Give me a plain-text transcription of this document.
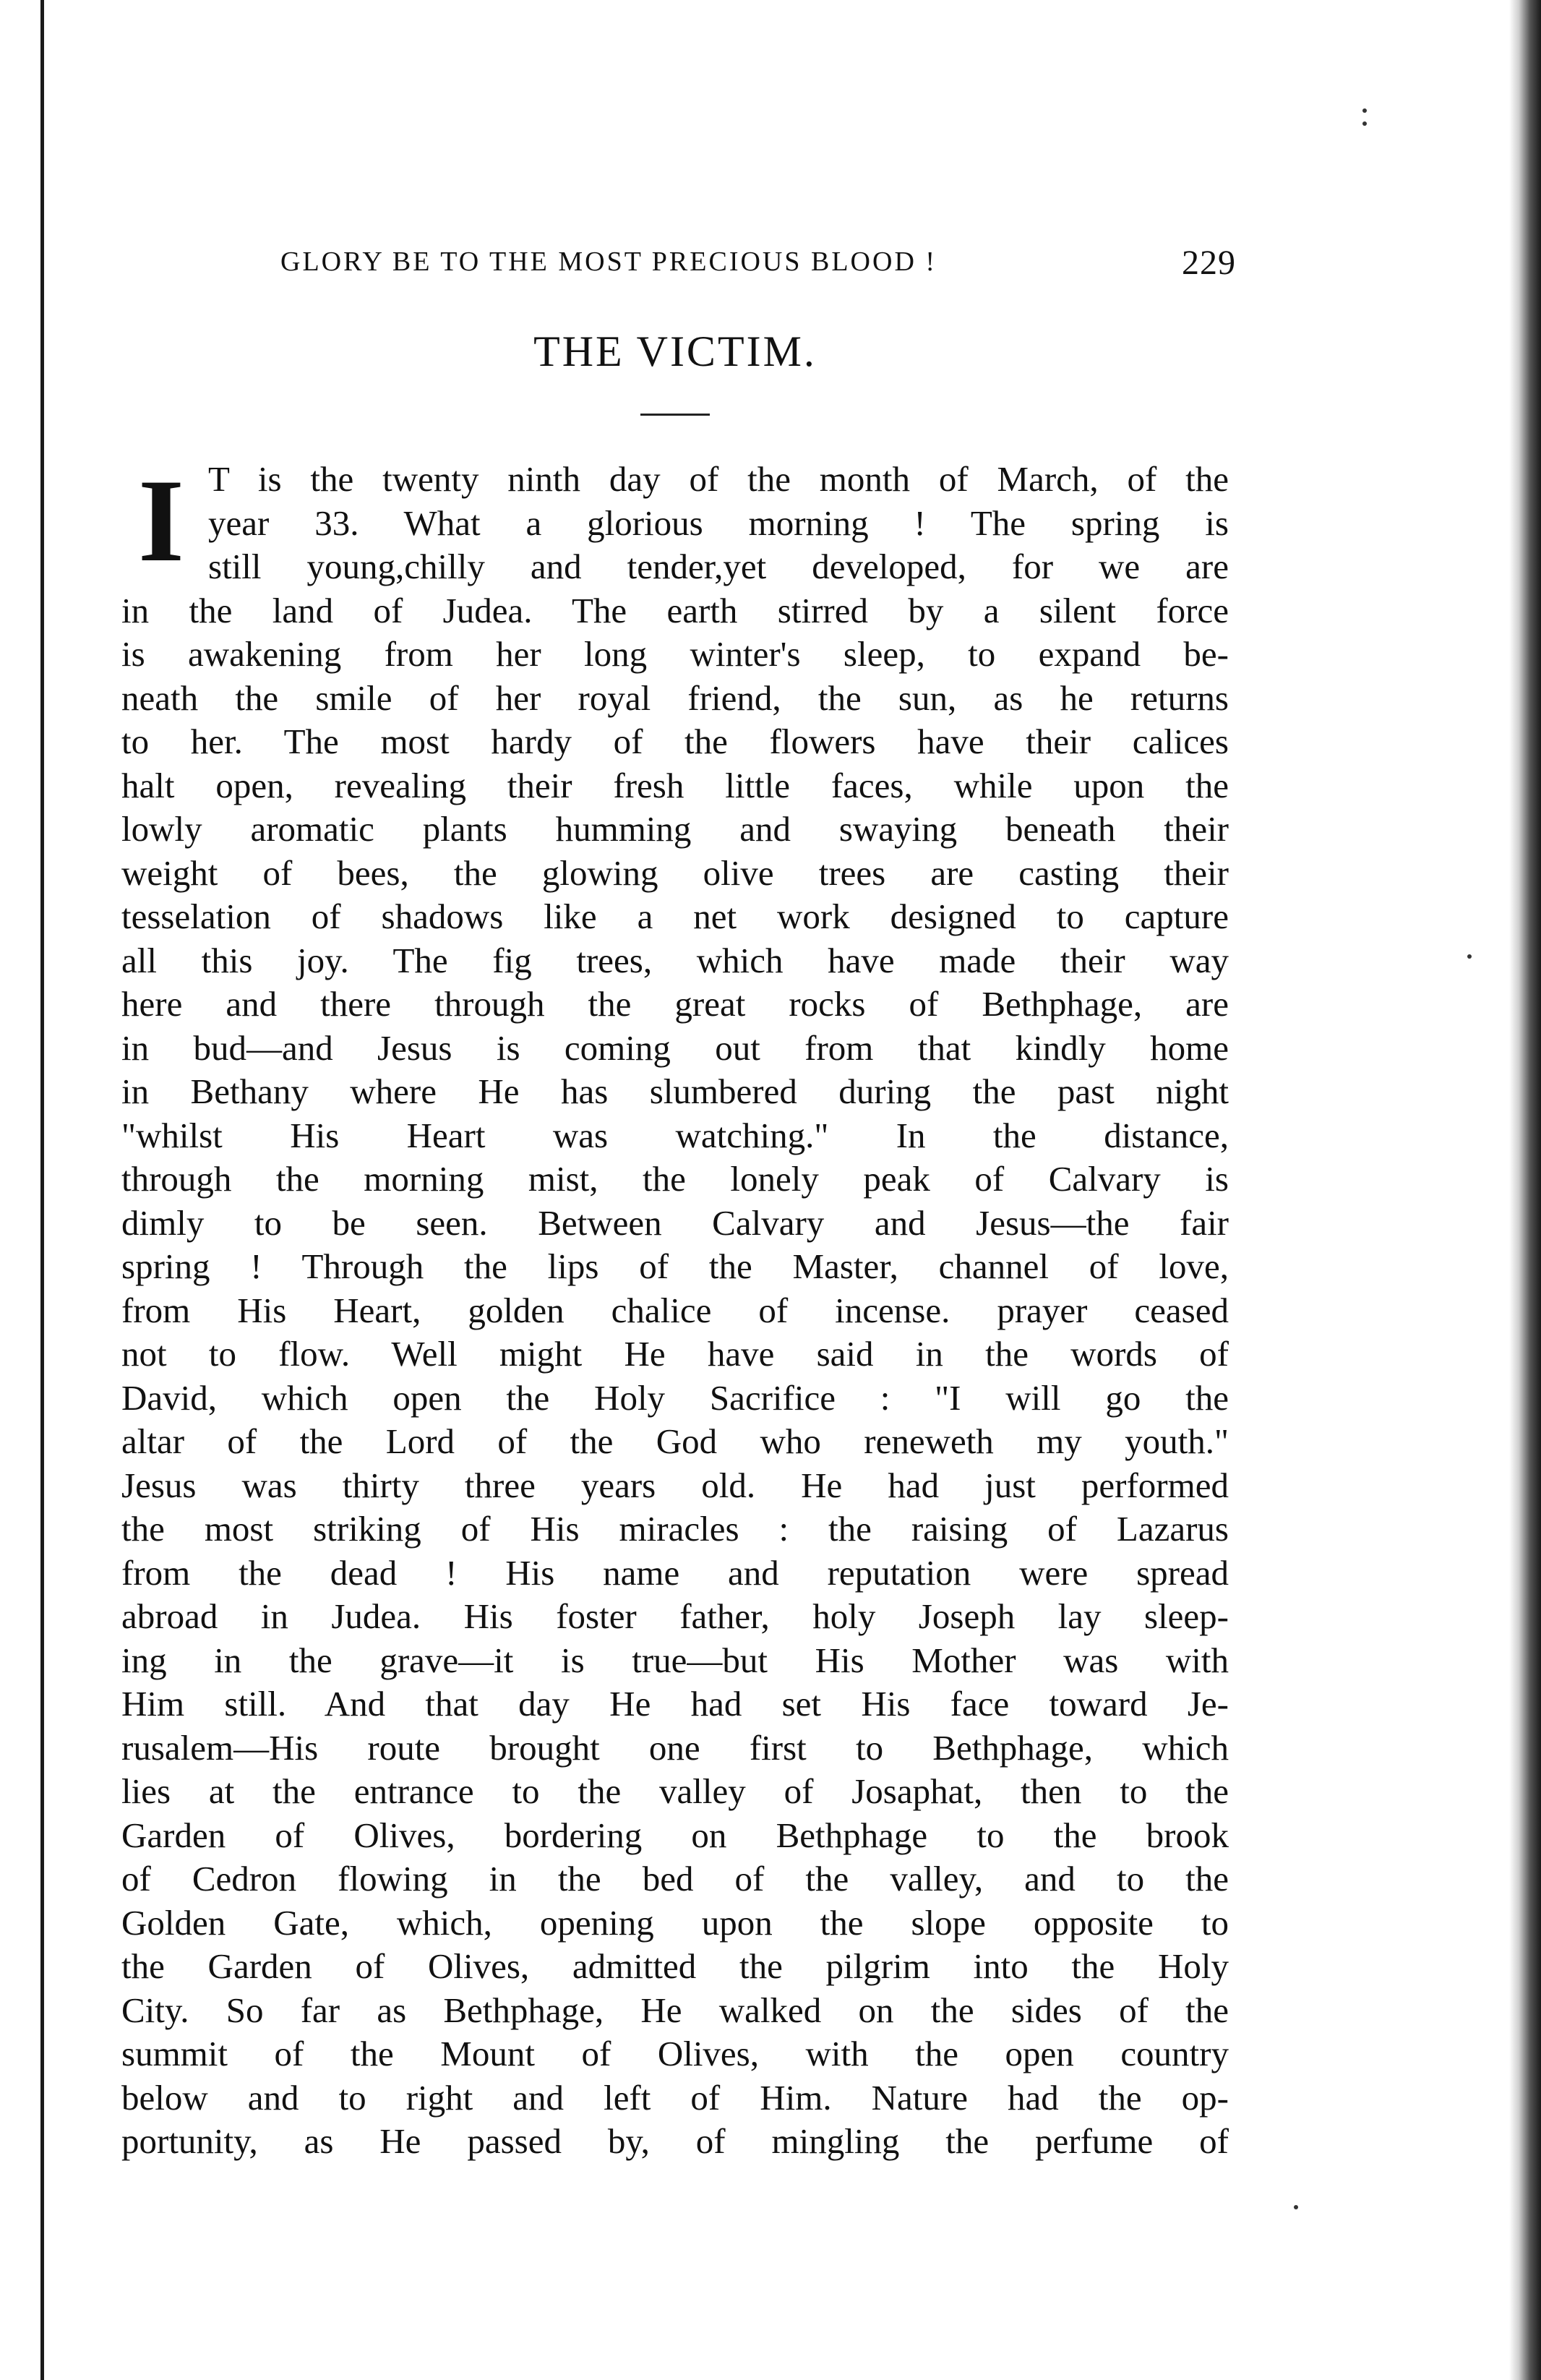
GLORY BE TO THE MOST PRECIOUS BLOOD !	229
THE VICTIM.
I T is the twenty ninth day of the month of March, of the
year 33. What a glorious morning ! The spring is
still young,chilly and tender,yet developed, for we are
in the land of Judea. The earth stirred by a silent force
is awakening from her long winter's sleep, to expand be-
neath the smile of her royal friend, the sun, as he returns
to her. The most hardy of the flowers have their calices
halt open, revealing their fresh little faces, while upon the
lowly aromatic plants humming and swaying beneath their
weight of bees, the glowing olive trees are casting their
tesselation of shadows like a net work designed to capture
all this joy. The fig trees, which have made their way
here and there through the great rocks of Bethphage, are
in bud—and Jesus is coming out from that kindly home
in Bethany where He has slumbered during the past night
"whilst His Heart was watching." In the distance,
through the morning mist, the lonely peak of Calvary is
dimly to be seen. Between Calvary and Jesus—the fair
spring ! Through the lips of the Master, channel of love,
from His Heart, golden chalice of incense. prayer ceased
not to flow. Well might He have said in the words of
David, which open the Holy Sacrifice : "I will go the
altar of the Lord of the God who reneweth my youth."
Jesus was thirty three years old. He had just performed
the most striking of His miracles : the raising of Lazarus
from the dead ! His name and reputation were spread
abroad in Judea. His foster father, holy Joseph lay sleep-
ing in the grave—it is true—but His Mother was with
Him still. And that day He had set His face toward Je-
rusalem—His route brought one first to Bethphage, which
lies at the entrance to the valley of Josaphat, then to the
Garden of Olives, bordering on Bethphage to the brook
of Cedron flowing in the bed of the valley, and to the
Golden Gate, which, opening upon the slope opposite to
the Garden of Olives, admitted the pilgrim into the Holy
City. So far as Bethphage, He walked on the sides of the
summit of the Mount of Olives, with the open country
below and to right and left of Him. Nature had the op-
portunity, as He passed by, of mingling the perfume of
